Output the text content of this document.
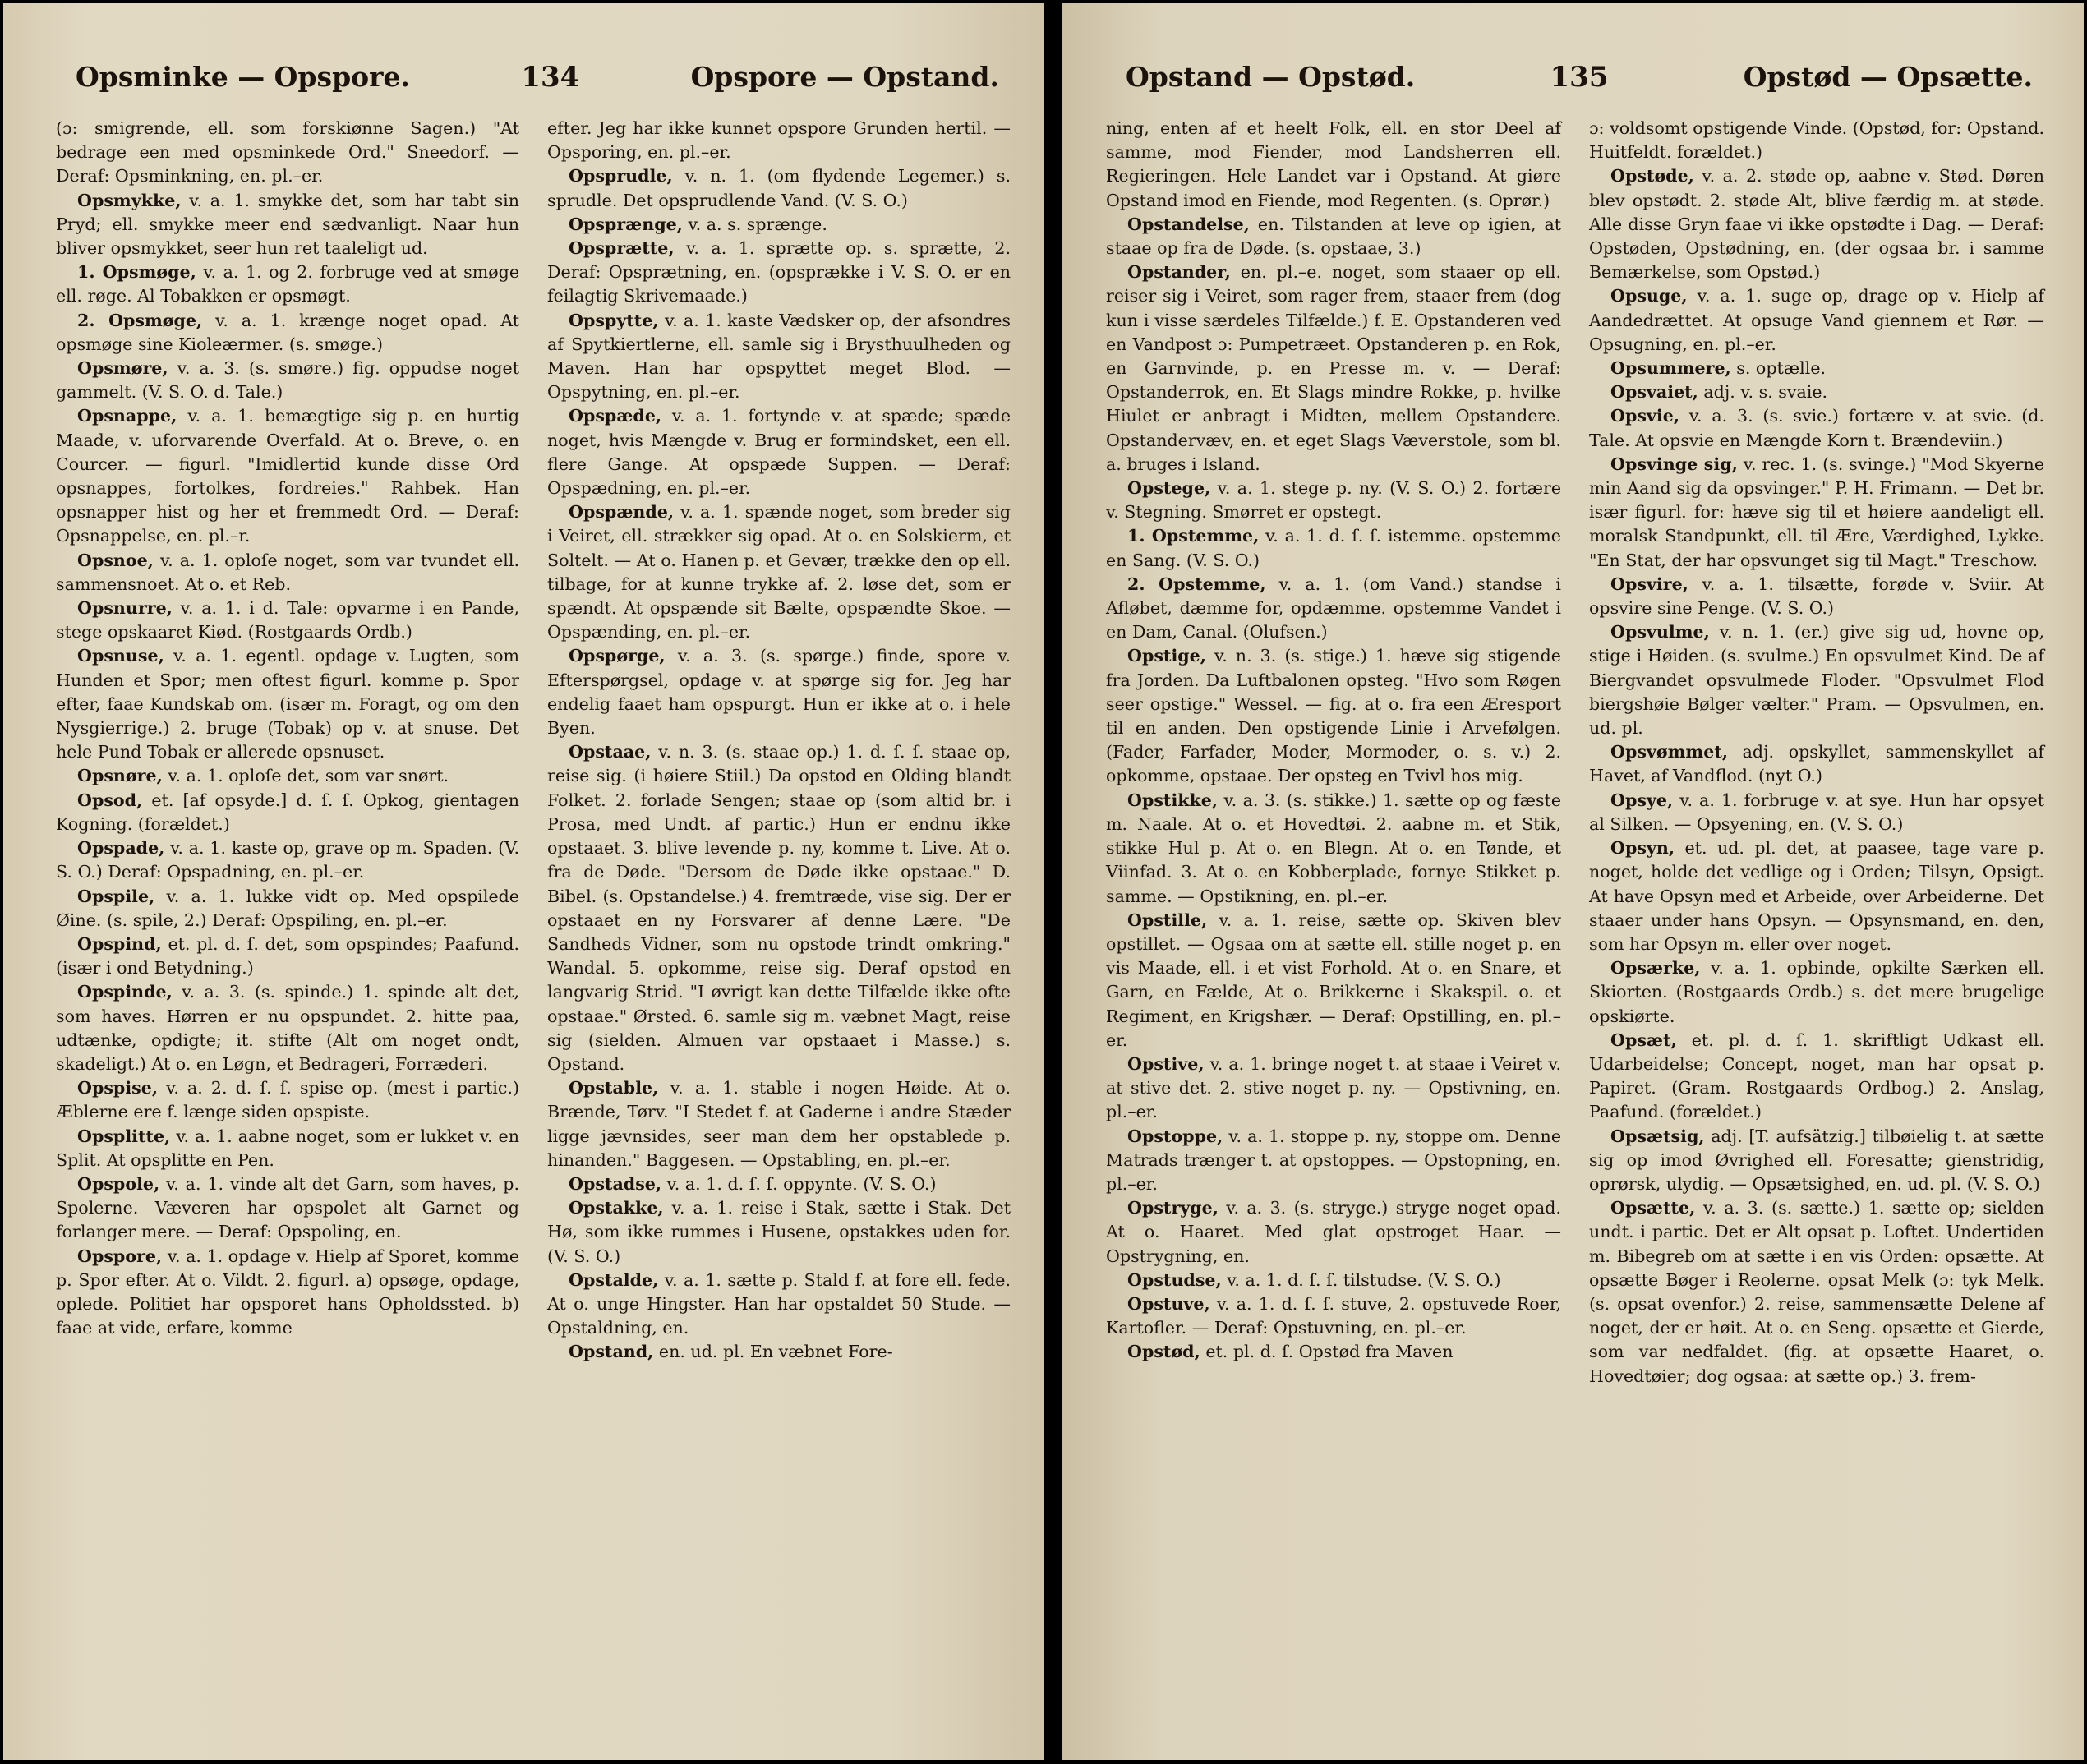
Opsminke — Opspore.	134	Opspore — Opstand.

(ɔ: smigrende, ell. som forskiønne Sagen.) "At bedrage een med opsminkede Ord." Sneedorf. — Deraf: Opsminkning, en. pl.–er.

Opsmykke, v. a. 1. smykke det, som har tabt sin Pryd; ell. smykke meer end sædvanligt. Naar hun bliver opsmykket, seer hun ret taaleligt ud.

1. Opsmøge, v. a. 1. og 2. forbruge ved at smøge ell. røge. Al Tobakken er opsmøgt.

2. Opsmøge, v. a. 1. krænge noget opad. At opsmøge sine Kioleærmer. (s. smøge.)

Opsmøre, v. a. 3. (s. smøre.) fig. oppudse noget gammelt. (V. S. O. d. Tale.)

Opsnappe, v. a. 1. bemægtige sig p. en hurtig Maade, v. uforvarende Overfald. At o. Breve, o. en Courcer. — figurl. "Imidlertid kunde disse Ord opsnappes, fortolkes, fordreies." Rahbek. Han opsnapper hist og her et fremmedt Ord. — Deraf: Opsnappelse, en. pl.–r.

Opsnoe, v. a. 1. oploſe noget, som var tvundet ell. sammensnoet. At o. et Reb.

Opsnurre, v. a. 1. i d. Tale: opvarme i en Pande, stege opskaaret Kiød. (Rostgaards Ordb.)

Opsnuse, v. a. 1. egentl. opdage v. Lugten, som Hunden et Spor; men oftest figurl. komme p. Spor efter, faae Kundskab om. (især m. Foragt, og om den Nysgierrige.) 2. bruge (Tobak) op v. at snuse. Det hele Pund Tobak er allerede opsnuset.

Opsnøre, v. a. 1. oploſe det, som var snørt.

Opsod, et. [af opsyde.] d. ſ. ſ. Opkog, gientagen Kogning. (forældet.)

Opspade, v. a. 1. kaste op, grave op m. Spaden. (V. S. O.) Deraf: Opspadning, en. pl.–er.

Opspile, v. a. 1. lukke vidt op. Med opspilede Øine. (s. spile, 2.) Deraf: Opspiling, en. pl.–er.

Opspind, et. pl. d. ſ. det, som opspindes; Paafund. (især i ond Betydning.)

Opspinde, v. a. 3. (s. spinde.) 1. spinde alt det, som haves. Hørren er nu opspundet. 2. hitte paa, udtænke, opdigte; it. stifte (Alt om noget ondt, skadeligt.) At o. en Løgn, et Bedrageri, Forræderi.

Opspise, v. a. 2. d. ſ. ſ. spise op. (mest i partic.) Æblerne ere f. længe siden opspiste.

Opsplitte, v. a. 1. aabne noget, som er lukket v. en Split. At opsplitte en Pen.

Opspole, v. a. 1. vinde alt det Garn, som haves, p. Spolerne. Væveren har opspolet alt Garnet og forlanger mere. — Deraf: Opspoling, en.

Opspore, v. a. 1. opdage v. Hielp af Sporet, komme p. Spor efter. At o. Vildt. 2. figurl. a) opsøge, opdage, oplede. Politiet har opsporet hans Opholdssted. b) faae at vide, erfare, komme

efter. Jeg har ikke kunnet opspore Grunden hertil. — Opsporing, en. pl.–er.

Opsprudle, v. n. 1. (om flydende Legemer.) s. sprudle. Det opsprudlende Vand. (V. S. O.)

Opsprænge, v. a. s. sprænge.

Opsprætte, v. a. 1. sprætte op. s. sprætte, 2. Deraf: Opsprætning, en. (opsprække i V. S. O. er en feilagtig Skrivemaade.)

Opspytte, v. a. 1. kaste Vædsker op, der afsondres af Spytkiertlerne, ell. samle sig i Brysthuulheden og Maven. Han har opspyttet meget Blod. — Opspytning, en. pl.–er.

Opspæde, v. a. 1. fortynde v. at spæde; spæde noget, hvis Mængde v. Brug er formindsket, een ell. flere Gange. At opspæde Suppen. — Deraf: Opspædning, en. pl.–er.

Opspænde, v. a. 1. spænde noget, som breder sig i Veiret, ell. strækker sig opad. At o. en Solskierm, et Soltelt. — At o. Hanen p. et Gevær, trække den op ell. tilbage, for at kunne trykke af. 2. løse det, som er spændt. At opspænde sit Bælte, opspændte Skoe. — Opspænding, en. pl.–er.

Opspørge, v. a. 3. (s. spørge.) finde, spore v. Efterspørgsel, opdage v. at spørge sig for. Jeg har endelig faaet ham opspurgt. Hun er ikke at o. i hele Byen.

Opstaae, v. n. 3. (s. staae op.) 1. d. ſ. ſ. staae op, reise sig. (i høiere Stiil.) Da opstod en Olding blandt Folket. 2. forlade Sengen; staae op (som altid br. i Prosa, med Undt. af partic.) Hun er endnu ikke opstaaet. 3. blive levende p. ny, komme t. Live. At o. fra de Døde. "Dersom de Døde ikke opstaae." D. Bibel. (s. Opstandelse.) 4. fremtræde, vise sig. Der er opstaaet en ny Forsvarer af denne Lære. "De Sandheds Vidner, som nu opstode trindt omkring." Wandal. 5. opkomme, reise sig. Deraf opstod en langvarig Strid. "I øvrigt kan dette Tilfælde ikke ofte opstaae." Ørsted. 6. samle sig m. væbnet Magt, reise sig (sielden. Almuen var opstaaet i Masse.) s. Opstand.

Opstable, v. a. 1. stable i nogen Høide. At o. Brænde, Tørv. "I Stedet f. at Gaderne i andre Stæder ligge jævnsides, seer man dem her opstablede p. hinanden." Baggesen. — Opstabling, en. pl.–er.

Opstadse, v. a. 1. d. ſ. ſ. oppynte. (V. S. O.)

Opstakke, v. a. 1. reise i Stak, sætte i Stak. Det Hø, som ikke rummes i Husene, opstakkes uden for. (V. S. O.)

Opstalde, v. a. 1. sætte p. Stald f. at fore ell. fede. At o. unge Hingster. Han har opstaldet 50 Stude. — Opstaldning, en.

Opstand, en. ud. pl. En væbnet Fore-

Opstand — Opstød.	135	Opstød — Opsætte.

ning, enten af et heelt Folk, ell. en stor Deel af samme, mod Fiender, mod Landsherren ell. Regieringen. Hele Landet var i Opstand. At giøre Opstand imod en Fiende, mod Regenten. (s. Oprør.)

Opstandelse, en. Tilstanden at leve op igien, at staae op fra de Døde. (s. opstaae, 3.)

Opstander, en. pl.–e. noget, som staaer op ell. reiser sig i Veiret, som rager frem, staaer frem (dog kun i visse særdeles Tilfælde.) f. E. Opstanderen ved en Vandpost ɔ: Pumpetræet. Opstanderen p. en Rok, en Garnvinde, p. en Presse m. v. — Deraf: Opstanderrok, en. Et Slags mindre Rokke, p. hvilke Hiulet er anbragt i Midten, mellem Opstandere. Opstandervæv, en. et eget Slags Væverstole, som bl. a. bruges i Island.

Opstege, v. a. 1. stege p. ny. (V. S. O.) 2. fortære v. Stegning. Smørret er opstegt.

1. Opstemme, v. a. 1. d. ſ. ſ. istemme. opstemme en Sang. (V. S. O.)

2. Opstemme, v. a. 1. (om Vand.) standse i Afløbet, dæmme for, opdæmme. opstemme Vandet i en Dam, Canal. (Olufsen.)

Opstige, v. n. 3. (s. stige.) 1. hæve sig stigende fra Jorden. Da Luftbalonen opsteg. "Hvo som Røgen seer opstige." Wessel. — fig. at o. fra een Æresport til en anden. Den opstigende Linie i Arvefølgen. (Fader, Farfader, Moder, Mormoder, o. s. v.) 2. opkomme, opstaae. Der opsteg en Tvivl hos mig.

Opstikke, v. a. 3. (s. stikke.) 1. sætte op og fæste m. Naale. At o. et Hovedtøi. 2. aabne m. et Stik, stikke Hul p. At o. en Blegn. At o. en Tønde, et Viinfad. 3. At o. en Kobberplade, fornye Stikket p. samme. — Opstikning, en. pl.–er.

Opstille, v. a. 1. reise, sætte op. Skiven blev opstillet. — Ogsaa om at sætte ell. stille noget p. en vis Maade, ell. i et vist Forhold. At o. en Snare, et Garn, en Fælde, At o. Brikkerne i Skakspil. o. et Regiment, en Krigshær. — Deraf: Opstilling, en. pl.–er.

Opstive, v. a. 1. bringe noget t. at staae i Veiret v. at stive det. 2. stive noget p. ny. — Opstivning, en. pl.–er.

Opstoppe, v. a. 1. stoppe p. ny, stoppe om. Denne Matrads trænger t. at opstoppes. — Opstopning, en. pl.–er.

Opstryge, v. a. 3. (s. stryge.) stryge noget opad. At o. Haaret. Med glat opstroget Haar. — Opstrygning, en.

Opstudse, v. a. 1. d. ſ. ſ. tilstudse. (V. S. O.)

Opstuve, v. a. 1. d. ſ. ſ. stuve, 2. opstuvede Roer, Kartofler. — Deraf: Opstuvning, en. pl.–er.

Opstød, et. pl. d. ſ. Opstød fra Maven

ɔ: voldsomt opstigende Vinde. (Opstød, for: Opstand. Huitfeldt. forældet.)

Opstøde, v. a. 2. støde op, aabne v. Stød. Døren blev opstødt. 2. støde Alt, blive færdig m. at støde. Alle disse Gryn faae vi ikke opstødte i Dag. — Deraf: Opstøden, Opstødning, en. (der ogsaa br. i samme Bemærkelse, som Opstød.)

Opsuge, v. a. 1. suge op, drage op v. Hielp af Aandedrættet. At opsuge Vand giennem et Rør. — Opsugning, en. pl.–er.

Opsummere, s. optælle.

Opsvaiet, adj. v. s. svaie.

Opsvie, v. a. 3. (s. svie.) fortære v. at svie. (d. Tale. At opsvie en Mængde Korn t. Brændeviin.)

Opsvinge sig, v. rec. 1. (s. svinge.) "Mod Skyerne min Aand sig da opsvinger." P. H. Frimann. — Det br. især figurl. for: hæve sig til et høiere aandeligt ell. moralsk Standpunkt, ell. til Ære, Værdighed, Lykke. "En Stat, der har opsvunget sig til Magt." Treschow.

Opsvire, v. a. 1. tilsætte, forøde v. Sviir. At opsvire sine Penge. (V. S. O.)

Opsvulme, v. n. 1. (er.) give sig ud, hovne op, stige i Høiden. (s. svulme.) En opsvulmet Kind. De af Biergvandet opsvulmede Floder. "Opsvulmet Flod biergshøie Bølger vælter." Pram. — Opsvulmen, en. ud. pl.

Opsvømmet, adj. opskyllet, sammenskyllet af Havet, af Vandflod. (nyt O.)

Opsye, v. a. 1. forbruge v. at sye. Hun har opsyet al Silken. — Opsyening, en. (V. S. O.)

Opsyn, et. ud. pl. det, at paasee, tage vare p. noget, holde det vedlige og i Orden; Tilsyn, Opsigt. At have Opsyn med et Arbeide, over Arbeiderne. Det staaer under hans Opsyn. — Opsynsmand, en. den, som har Opsyn m. eller over noget.

Opsærke, v. a. 1. opbinde, opkilte Særken ell. Skiorten. (Rostgaards Ordb.) s. det mere brugelige opskiørte.

Opsæt, et. pl. d. ſ. 1. skriftligt Udkast ell. Udarbeidelse; Concept, noget, man har opsat p. Papiret. (Gram. Rostgaards Ordbog.) 2. Anslag, Paafund. (forældet.)

Opsætsig, adj. [T. aufsätzig.] tilbøielig t. at sætte sig op imod Øvrighed ell. Foresatte; gienstridig, oprørsk, ulydig. — Opsætsighed, en. ud. pl. (V. S. O.)

Opsætte, v. a. 3. (s. sætte.) 1. sætte op; sielden undt. i partic. Det er Alt opsat p. Loftet. Undertiden m. Bibegreb om at sætte i en vis Orden: opsætte. At opsætte Bøger i Reolerne. opsat Melk (ɔ: tyk Melk. (s. opsat ovenfor.) 2. reise, sammensætte Delene af noget, der er høit. At o. en Seng. opsætte et Gierde, som var nedfaldet. (fig. at opsætte Haaret, o. Hovedtøier; dog ogsaa: at sætte op.) 3. frem-
